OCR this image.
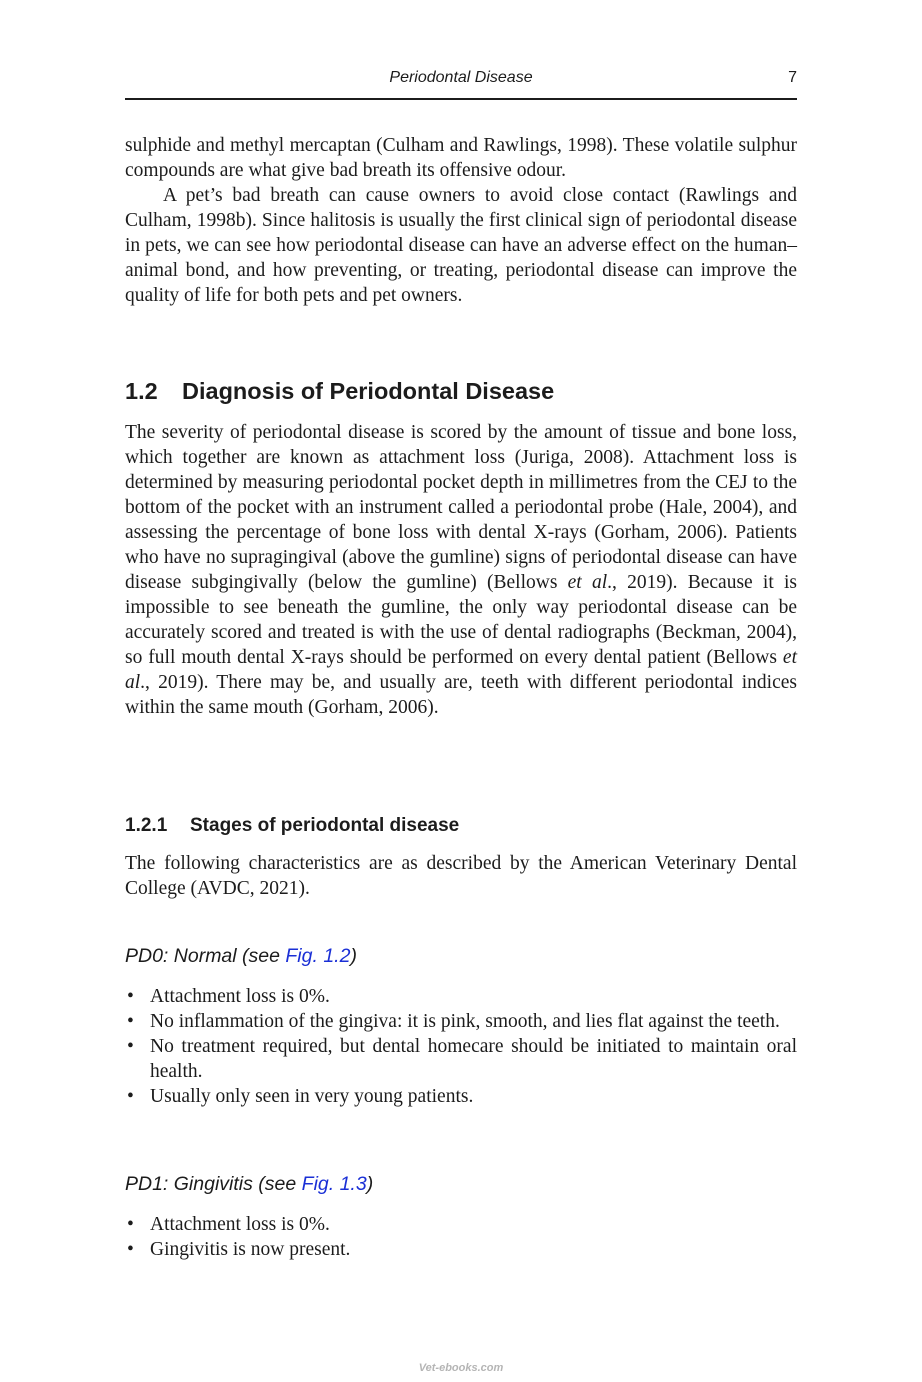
Periodontal Disease	7

sulphide and methyl mercaptan (Culham and Rawlings, 1998). These volatile sulphur compounds are what give bad breath its offensive odour.

A pet’s bad breath can cause owners to avoid close contact (Rawlings and Culham, 1998b). Since halitosis is usually the first clinical sign of periodontal disease in pets, we can see how periodontal disease can have an adverse effect on the human–animal bond, and how preventing, or treating, periodontal disease can improve the quality of life for both pets and pet owners.

1.2 Diagnosis of Periodontal Disease

The severity of periodontal disease is scored by the amount of tissue and bone loss, which together are known as attachment loss (Juriga, 2008). Attachment loss is determined by measuring periodontal pocket depth in millimetres from the CEJ to the bottom of the pocket with an instrument called a periodontal probe (Hale, 2004), and assessing the percentage of bone loss with dental X-rays (Gorham, 2006). Patients who have no supragingival (above the gumline) signs of periodontal disease can have disease subgingivally (below the gumline) (Bellows et al., 2019). Because it is impossible to see beneath the gumline, the only way periodontal disease can be accurately scored and treated is with the use of dental radiographs (Beckman, 2004), so full mouth dental X-rays should be performed on every dental patient (Bellows et al., 2019). There may be, and usually are, teeth with different periodontal indices within the same mouth (Gorham, 2006).

1.2.1 Stages of periodontal disease

The following characteristics are as described by the American Veterinary Dental College (AVDC, 2021).

PD0: Normal (see Fig. 1.2)
• Attachment loss is 0%.
• No inflammation of the gingiva: it is pink, smooth, and lies flat against the teeth.
• No treatment required, but dental homecare should be initiated to maintain oral health.
• Usually only seen in very young patients.
PD1: Gingivitis (see Fig. 1.3)
• Attachment loss is 0%.
• Gingivitis is now present.
Vet-ebooks.com
